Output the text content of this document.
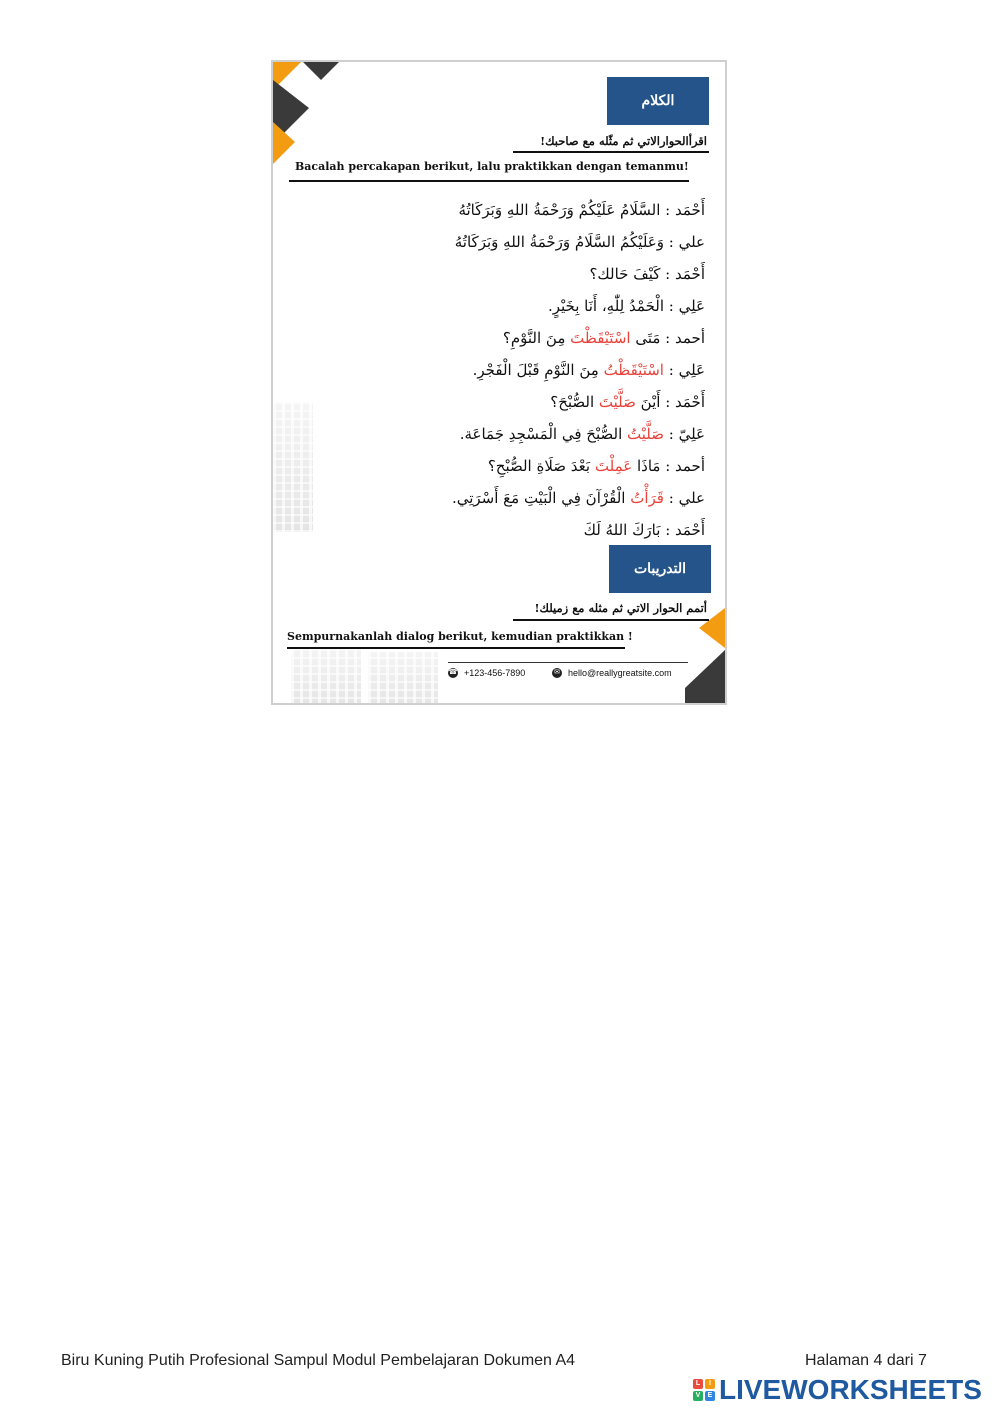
الكلام
اقرأالحوارالاتي ثم مثّله مع صاحبك!
Bacalah percakapan berikut, lalu praktikkan dengan temanmu!
أَحْمَد : السَّلَامُ عَلَيْكُمْ وَرَحْمَةُ اللهِ وَبَرَكَاتُهُ
علي : وَعَلَيْكُمُ السَّلَامُ وَرَحْمَةُ اللهِ وَبَرَكَاتُهُ
أَحْمَد : كَيْفَ حَالك؟
عَلِي : الْحَمْدُ لِلّٰهِ، أَنَا بِخَيْرٍ.
أحمد : مَتَى اسْتَيْقَظْتَ مِنَ النَّوْمِ؟
عَلِي : اسْتَيْقَظْتُ مِنَ النَّوْمِ قَبْلَ الْفَجْرِ.
أَحْمَد : أَيْنَ صَلَّيْتَ الصُّبْحَ؟
عَلِيّ : صَلَّيْتُ الصُّبْحَ فِي الْمَسْجِدِ جَمَاعَة.
أحمد : مَاذَا عَمِلْتَ بَعْدَ صَلَاةِ الصُّبْحِ؟
علي : قَرَأْتُ الْقُرْآنَ فِي الْبَيْتِ مَعَ أَسْرَتِي.
أَحْمَد : بَارَكَ اللهُ لَكَ
التدريبات
أتمم الحوار الاتي ثم مثله مع زميلك!
Sempurnakanlah dialog berikut, kemudian praktikkan !
☎ +123-456-7890	✉ hello@reallygreatsite.com
Biru Kuning Putih Profesional Sampul Modul Pembelajaran Dokumen A4	Halaman 4 dari 7
L	I
V	E LIVEWORKSHEETS
